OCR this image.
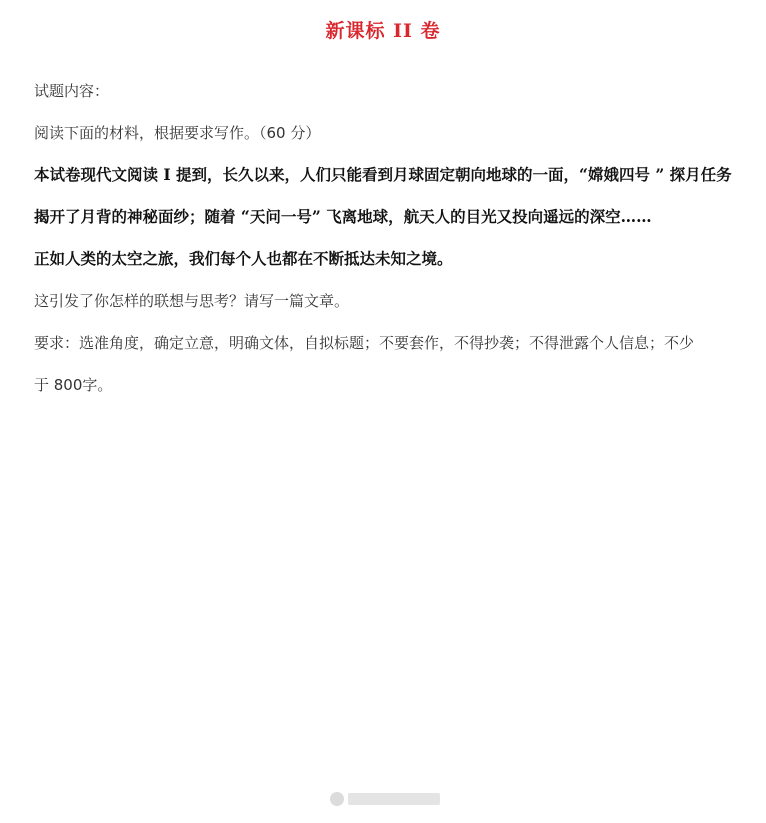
新课标 II 卷
试题内容：
阅读下面的材料，根据要求写作。（60 分）
本试卷现代文阅读 I 提到，长久以来，人们只能看到月球固定朝向地球的一面，“嫦娥四号 ” 探月任务
揭开了月背的神秘面纱；随着 “天问一号” 飞离地球，航天人的目光又投向遥远的深空……
正如人类的太空之旅，我们每个人也都在不断抵达未知之境。
这引发了你怎样的联想与思考？请写一篇文章。
要求：选准角度，确定立意，明确文体，自拟标题；不要套作，不得抄袭；不得泄露个人信息；不少
于 800字。
